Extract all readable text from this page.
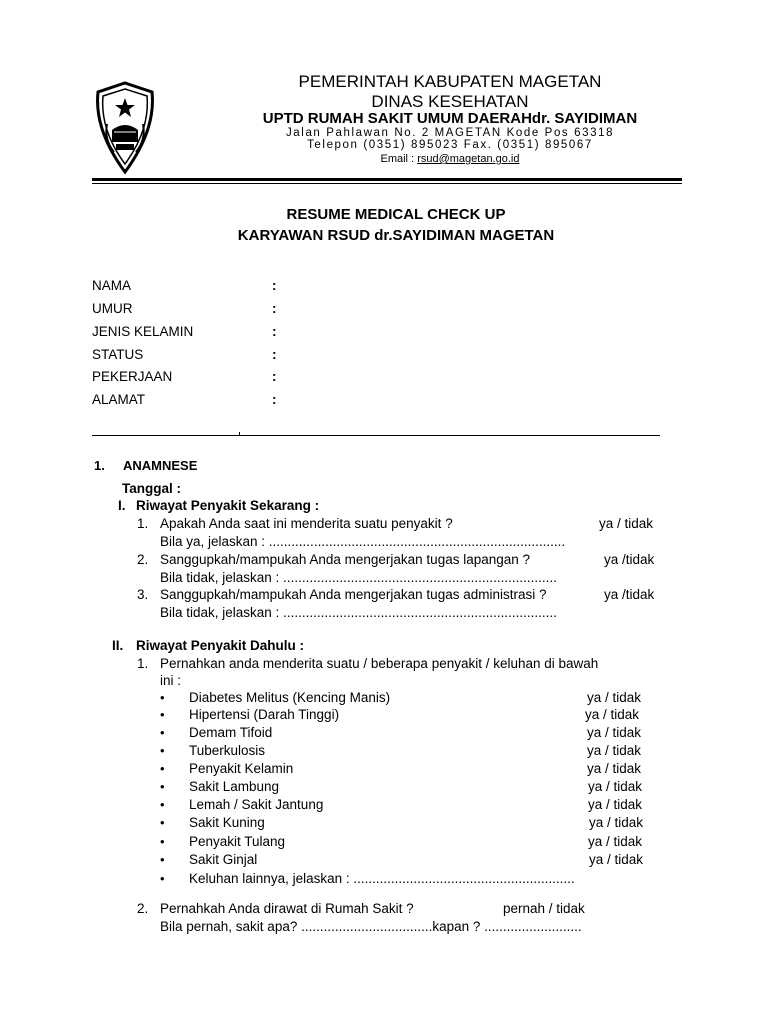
PEMERINTAH KABUPATEN MAGETAN
DINAS KESEHATAN
UPTD RUMAH SAKIT UMUM DAERAHdr. SAYIDIMAN
Jalan Pahlawan No. 2 MAGETAN Kode Pos 63318
Telepon (0351) 895023 Fax. (0351) 895067
Email : rsud@magetan.go.id
RESUME MEDICAL CHECK UP
KARYAWAN RSUD dr.SAYIDIMAN MAGETAN
NAMA	:
UMUR	:
JENIS KELAMIN	:
STATUS	:
PEKERJAAN	:
ALAMAT	:
1. ANAMNESE
Tanggal :
I. Riwayat Penyakit Sekarang :
1. Apakah Anda saat ini menderita suatu penyakit ?	ya / tidak
Bila ya, jelaskan : ...............................................................................
2. Sanggupkah/mampukah Anda mengerjakan tugas lapangan ?	ya /tidak
Bila tidak, jelaskan : .........................................................................
3. Sanggupkah/mampukah Anda mengerjakan tugas administrasi ?	ya /tidak
Bila tidak, jelaskan : .........................................................................
II. Riwayat Penyakit Dahulu :
1. Pernahkan anda menderita suatu / beberapa penyakit / keluhan di bawah
ini :
• Diabetes Melitus (Kencing Manis)	ya / tidak
• Hipertensi (Darah Tinggi)	ya / tidak
• Demam Tifoid	ya / tidak
• Tuberkulosis	ya / tidak
• Penyakit Kelamin	ya / tidak
• Sakit Lambung	ya / tidak
• Lemah / Sakit Jantung	ya / tidak
• Sakit Kuning	ya / tidak
• Penyakit Tulang	ya / tidak
• Sakit Ginjal	ya / tidak
• Keluhan lainnya, jelaskan : ...........................................................
2. Pernahkah Anda dirawat di Rumah Sakit ?	pernah / tidak
Bila pernah, sakit apa? ...................................kapan ? ..........................
